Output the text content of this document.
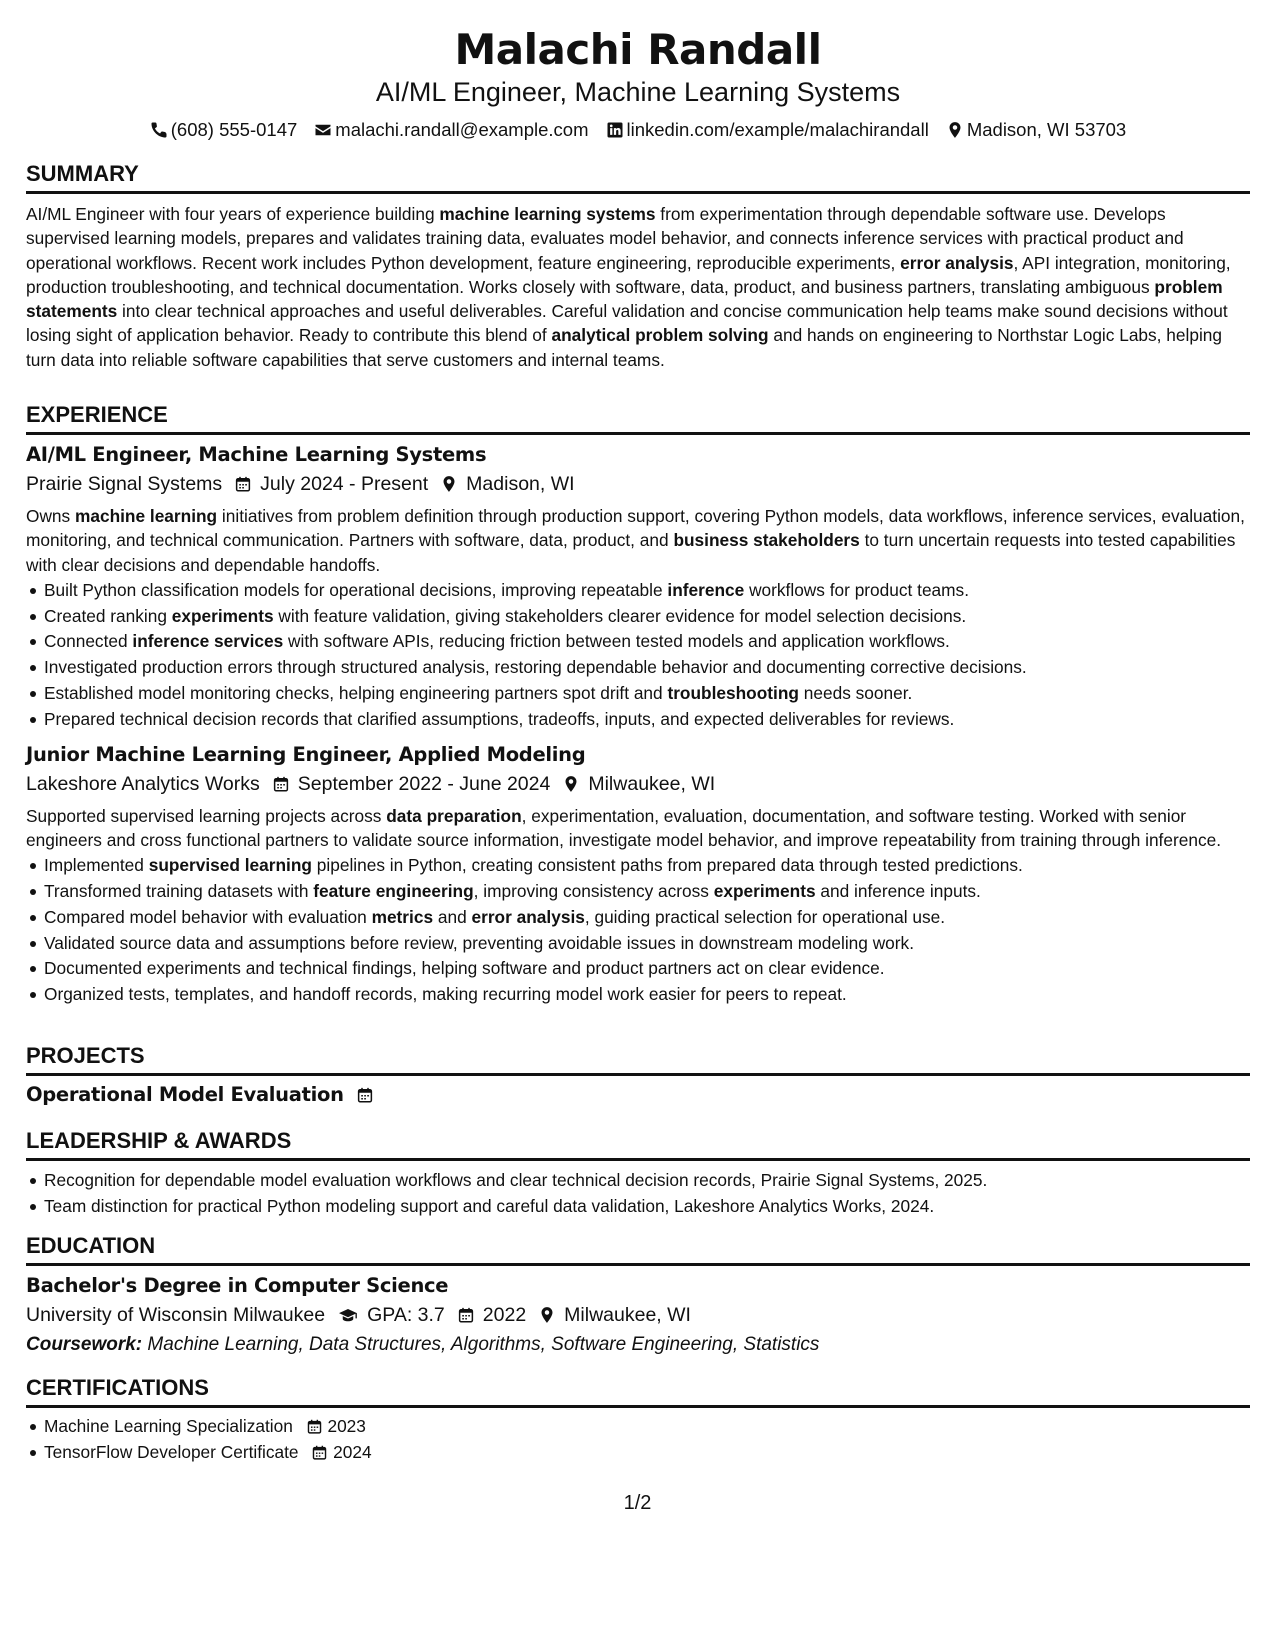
Malachi Randall
AI/ML Engineer, Machine Learning Systems
(608) 555-0147 malachi.randall@example.com linkedin.com/example/malachirandall Madison, WI 53703
SUMMARY

AI/ML Engineer with four years of experience building machine learning systems from experimentation through dependable software use. Develops supervised learning models, prepares and validates training data, evaluates model behavior, and connects inference services with practical product and operational workflows. Recent work includes Python development, feature engineering, reproducible experiments, error analysis, API integration, monitoring, production troubleshooting, and technical documentation. Works closely with software, data, product, and business partners, translating ambiguous problem statements into clear technical approaches and useful deliverables. Careful validation and concise communication help teams make sound decisions without losing sight of application behavior. Ready to contribute this blend of analytical problem solving and hands on engineering to Northstar Logic Labs, helping turn data into reliable software capabilities that serve customers and internal teams.

EXPERIENCE
AI/ML Engineer, Machine Learning Systems
Prairie Signal Systems July 2024 - Present Madison, WI

Owns machine learning initiatives from problem definition through production support, covering Python models, data workflows, inference services, evaluation, monitoring, and technical communication. Partners with software, data, product, and business stakeholders to turn uncertain requests into tested capabilities with clear decisions and dependable handoffs.

Built Python classification models for operational decisions, improving repeatable inference workflows for product teams.
Created ranking experiments with feature validation, giving stakeholders clearer evidence for model selection decisions.
Connected inference services with software APIs, reducing friction between tested models and application workflows.
Investigated production errors through structured analysis, restoring dependable behavior and documenting corrective decisions.
Established model monitoring checks, helping engineering partners spot drift and troubleshooting needs sooner.
Prepared technical decision records that clarified assumptions, tradeoffs, inputs, and expected deliverables for reviews.
Junior Machine Learning Engineer, Applied Modeling
Lakeshore Analytics Works September 2022 - June 2024 Milwaukee, WI

Supported supervised learning projects across data preparation, experimentation, evaluation, documentation, and software testing. Worked with senior engineers and cross functional partners to validate source information, investigate model behavior, and improve repeatability from training through inference.

Implemented supervised learning pipelines in Python, creating consistent paths from prepared data through tested predictions.
Transformed training datasets with feature engineering, improving consistency across experiments and inference inputs.
Compared model behavior with evaluation metrics and error analysis, guiding practical selection for operational use.
Validated source data and assumptions before review, preventing avoidable issues in downstream modeling work.
Documented experiments and technical findings, helping software and product partners act on clear evidence.
Organized tests, templates, and handoff records, making recurring model work easier for peers to repeat.
PROJECTS
Operational Model Evaluation
LEADERSHIP & AWARDS
Recognition for dependable model evaluation workflows and clear technical decision records, Prairie Signal Systems, 2025.
Team distinction for practical Python modeling support and careful data validation, Lakeshore Analytics Works, 2024.
EDUCATION
Bachelor's Degree in Computer Science
University of Wisconsin Milwaukee GPA: 3.7 2022 Milwaukee, WI
Coursework: Machine Learning, Data Structures, Algorithms, Software Engineering, Statistics
CERTIFICATIONS
Machine Learning Specialization 2023
TensorFlow Developer Certificate 2024
1/2
